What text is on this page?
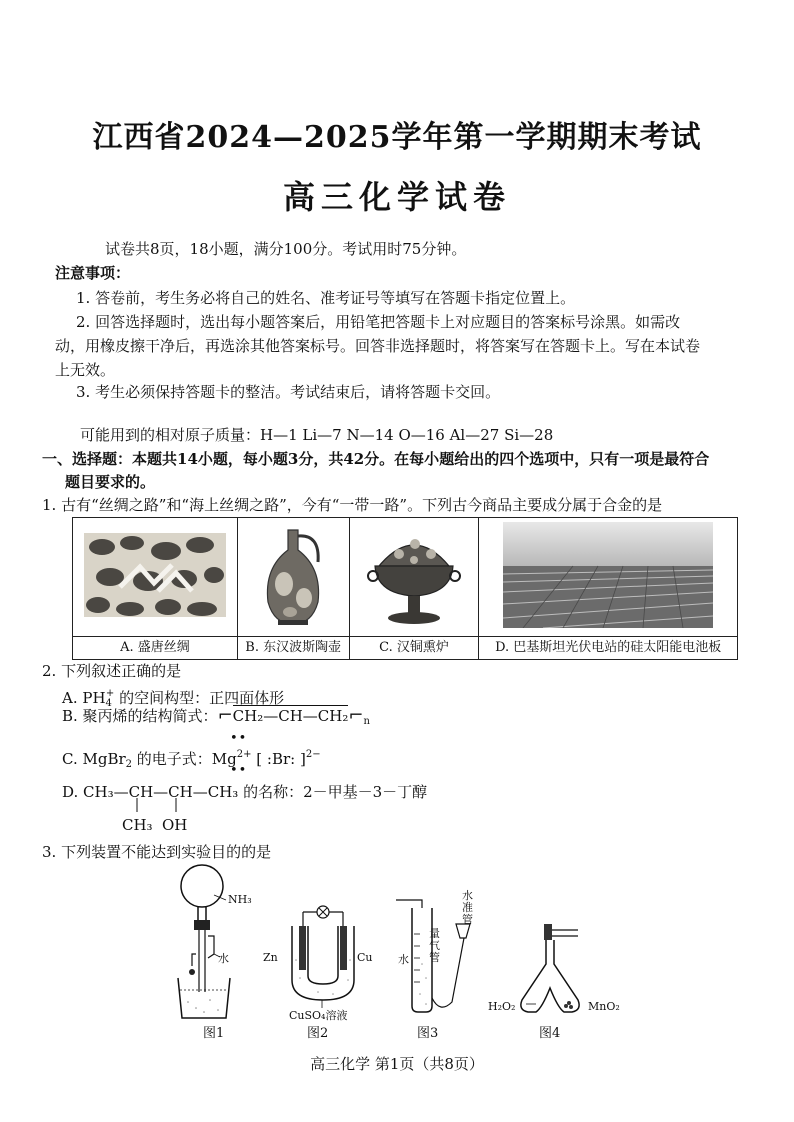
江西省2024—2025学年第一学期期末考试
高三化学试卷
试卷共8页，18小题，满分100分。考试用时75分钟。
注意事项：
1. 答卷前，考生务必将自己的姓名、准考证号等填写在答题卡指定位置上。
2. 回答选择题时，选出每小题答案后，用铅笔把答题卡上对应题目的答案标号涂黑。如需改
动，用橡皮擦干净后，再选涂其他答案标号。回答非选择题时，将答案写在答题卡上。写在本试卷
上无效。
3. 考生必须保持答题卡的整洁。考试结束后，请将答题卡交回。
可能用到的相对原子质量：H—1 Li—7 N—14 O—16 Al—27 Si—28
一、选择题：本题共14小题，每小题3分，共42分。在每小题给出的四个选项中，只有一项是最符合
题目要求的。
1. 古有“丝绸之路”和“海上丝绸之路”，今有“一带一路”。下列古今商品主要成分属于合金的是

A. 盛唐丝绸	B. 东汉波斯陶壶	C. 汉铜熏炉	D. 巴基斯坦光伏电站的硅太阳能电池板
2. 下列叙述正确的是
A. $PH_4^+$ 的空间构型：正四面体形
B. 聚丙烯的结构简式：$⌐CH_2—CH—CH_2⌐_n$
C. MgBr$_2$ 的电子式：$Mg^{2+}$ [ :Br: ]$^{2-}$
••
••
D. CH₃—CH—CH—CH₃ 的名称：2－甲基－3－丁醇
CH₃ OH
3. 下列装置不能达到实验目的的是
NH₃
水	Zn	Cu
CuSO₄溶液
水
量气管
水准管
H₂O₂	MnO₂
图1	图2	图3	图4
高三化学 第1页（共8页）
